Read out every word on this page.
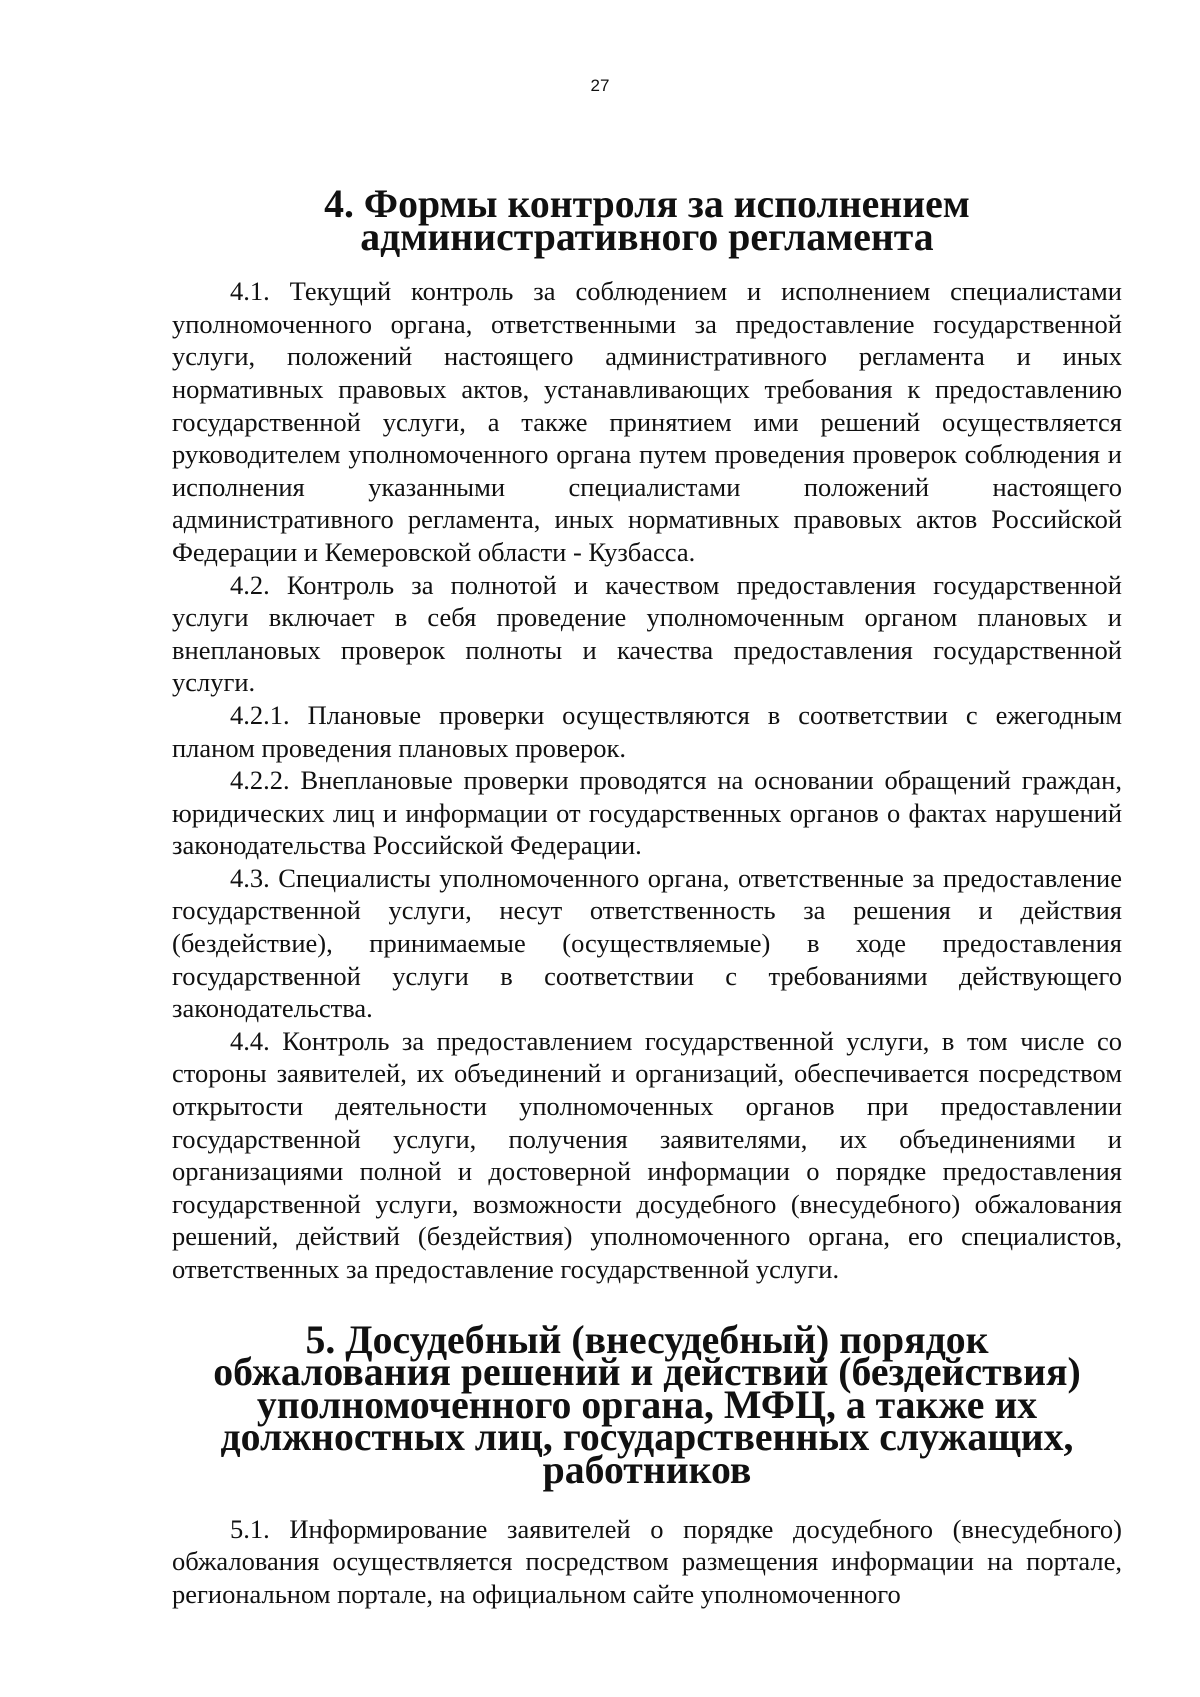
27
4. Формы контроля за исполнением административного регламента

4.1. Текущий контроль за соблюдением и исполнением специалистами уполномоченного органа, ответственными за предоставление государственной услуги, положений настоящего административного регламента и иных нормативных правовых актов, устанавливающих требования к предоставлению государственной услуги, а также принятием ими решений осуществляется руководителем уполномоченного органа путем проведения проверок соблюдения и исполнения указанными специалистами положений настоящего административного регламента, иных нормативных правовых актов Российской Федерации и Кемеровской области - Кузбасса.

4.2. Контроль за полнотой и качеством предоставления государственной услуги включает в себя проведение уполномоченным органом плановых и внеплановых проверок полноты и качества предоставления государственной услуги.

4.2.1. Плановые проверки осуществляются в соответствии с ежегодным планом проведения плановых проверок.

4.2.2. Внеплановые проверки проводятся на основании обращений граждан, юридических лиц и информации от государственных органов о фактах нарушений законодательства Российской Федерации.

4.3. Специалисты уполномоченного органа, ответственные за предоставление государственной услуги, несут ответственность за решения и действия (бездействие), принимаемые (осуществляемые) в ходе предоставления государственной услуги в соответствии с требованиями действующего законодательства.

4.4. Контроль за предоставлением государственной услуги, в том числе со стороны заявителей, их объединений и организаций, обеспечивается посредством открытости деятельности уполномоченных органов при предоставлении государственной услуги, получения заявителями, их объединениями и организациями полной и достоверной информации о порядке предоставления государственной услуги, возможности досудебного (внесудебного) обжалования решений, действий (бездействия) уполномоченного органа, его специалистов, ответственных за предоставление государственной услуги.

5. Досудебный (внесудебный) порядок обжалования решений и действий (бездействия) уполномоченного органа, МФЦ, а также их должностных лиц, государственных служащих, работников

5.1. Информирование заявителей о порядке досудебного (внесудебного) обжалования осуществляется посредством размещения информации на портале, региональном портале, на официальном сайте уполномоченного
